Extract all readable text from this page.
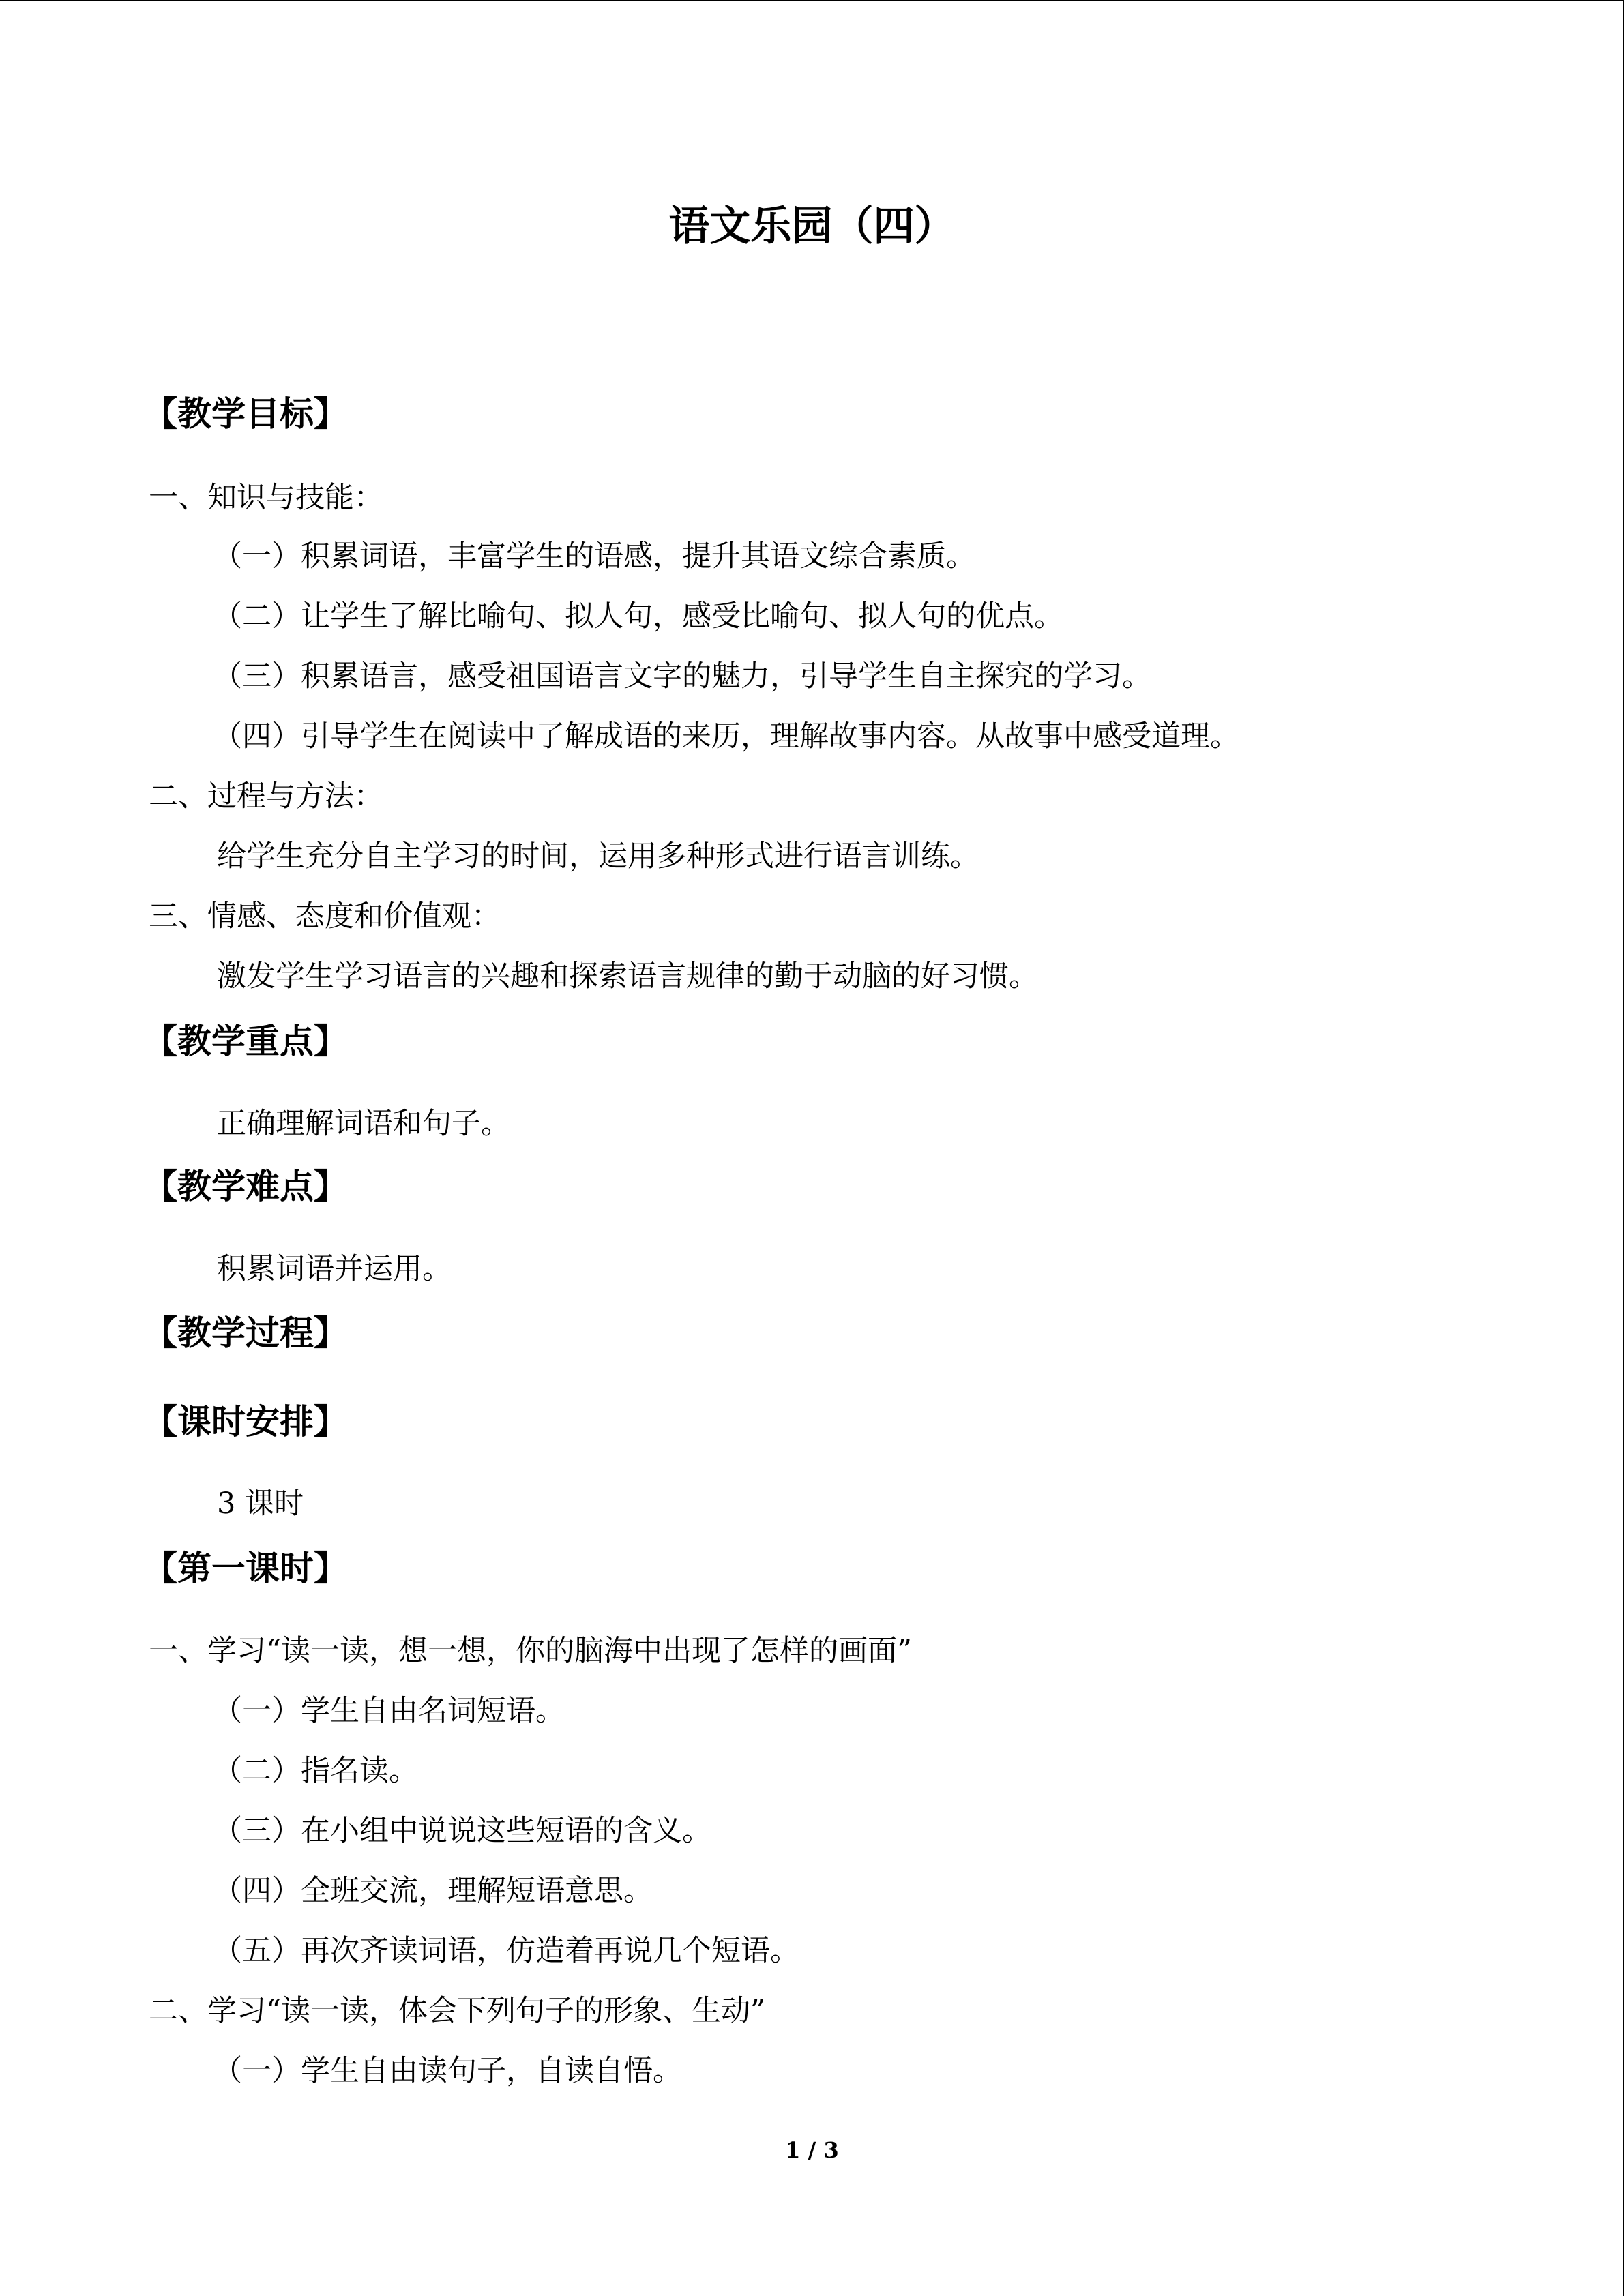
语文乐园（四）
【教学目标】
一、知识与技能：
（一）积累词语，丰富学生的语感，提升其语文综合素质。
（二）让学生了解比喻句、拟人句，感受比喻句、拟人句的优点。
（三）积累语言，感受祖国语言文字的魅力，引导学生自主探究的学习。
（四）引导学生在阅读中了解成语的来历，理解故事内容。从故事中感受道理。
二、过程与方法：
给学生充分自主学习的时间，运用多种形式进行语言训练。
三、情感、态度和价值观：
激发学生学习语言的兴趣和探索语言规律的勤于动脑的好习惯。
【教学重点】
正确理解词语和句子。
【教学难点】
积累词语并运用。
【教学过程】
【课时安排】
3 课时
【第一课时】
一、学习“读一读，想一想，你的脑海中出现了怎样的画面”
（一）学生自由名词短语。
（二）指名读。
（三）在小组中说说这些短语的含义。
（四）全班交流，理解短语意思。
（五）再次齐读词语，仿造着再说几个短语。
二、学习“读一读，体会下列句子的形象、生动”
（一）学生自由读句子，自读自悟。
1 / 3
